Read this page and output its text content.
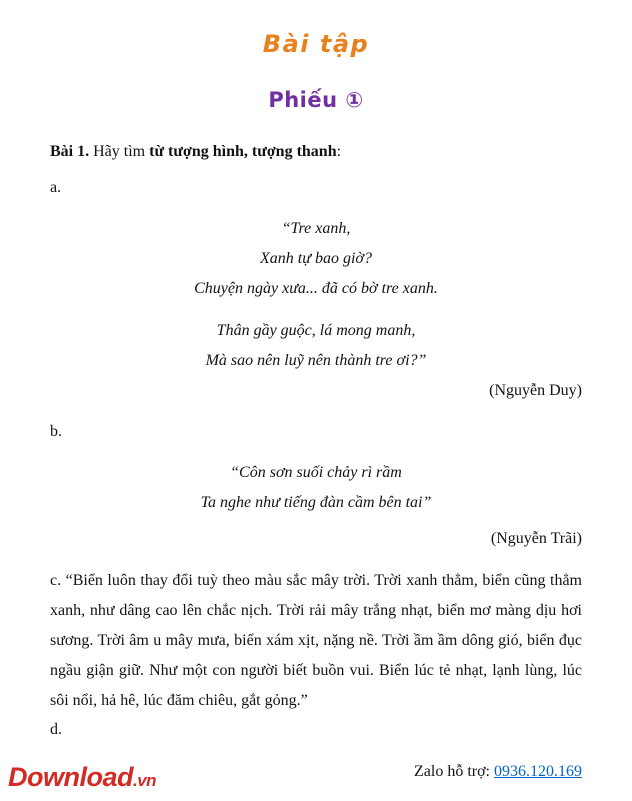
Bài tập
Phiếu ①

Bài 1. Hãy tìm từ tượng hình, tượng thanh:

a.

“Tre xanh,
Xanh tự bao giờ?
Chuyện ngày xưa... đã có bờ tre xanh.
Thân gầy guộc, lá mong manh,
Mà sao nên luỹ nên thành tre ơi?”

(Nguyễn Duy)

b.

“Côn sơn suối chảy rì rầm
Ta nghe như tiếng đàn cầm bên tai”

(Nguyễn Trãi)

c. “Biển luôn thay đổi tuỳ theo màu sắc mây trời. Trời xanh thẳm, biển cũng thẳm xanh, như dâng cao lên chắc nịch. Trời rải mây trắng nhạt, biển mơ màng dịu hơi sương. Trời âm u mây mưa, biển xám xịt, nặng nề. Trời ầm ầm dông gió, biển đục ngầu giận giữ. Như một con người biết buồn vui. Biển lúc tẻ nhạt, lạnh lùng, lúc sôi nổi, hả hê, lúc đăm chiêu, gắt gỏng.”

d.

Download.vn	Zalo hỗ trợ: 0936.120.169
